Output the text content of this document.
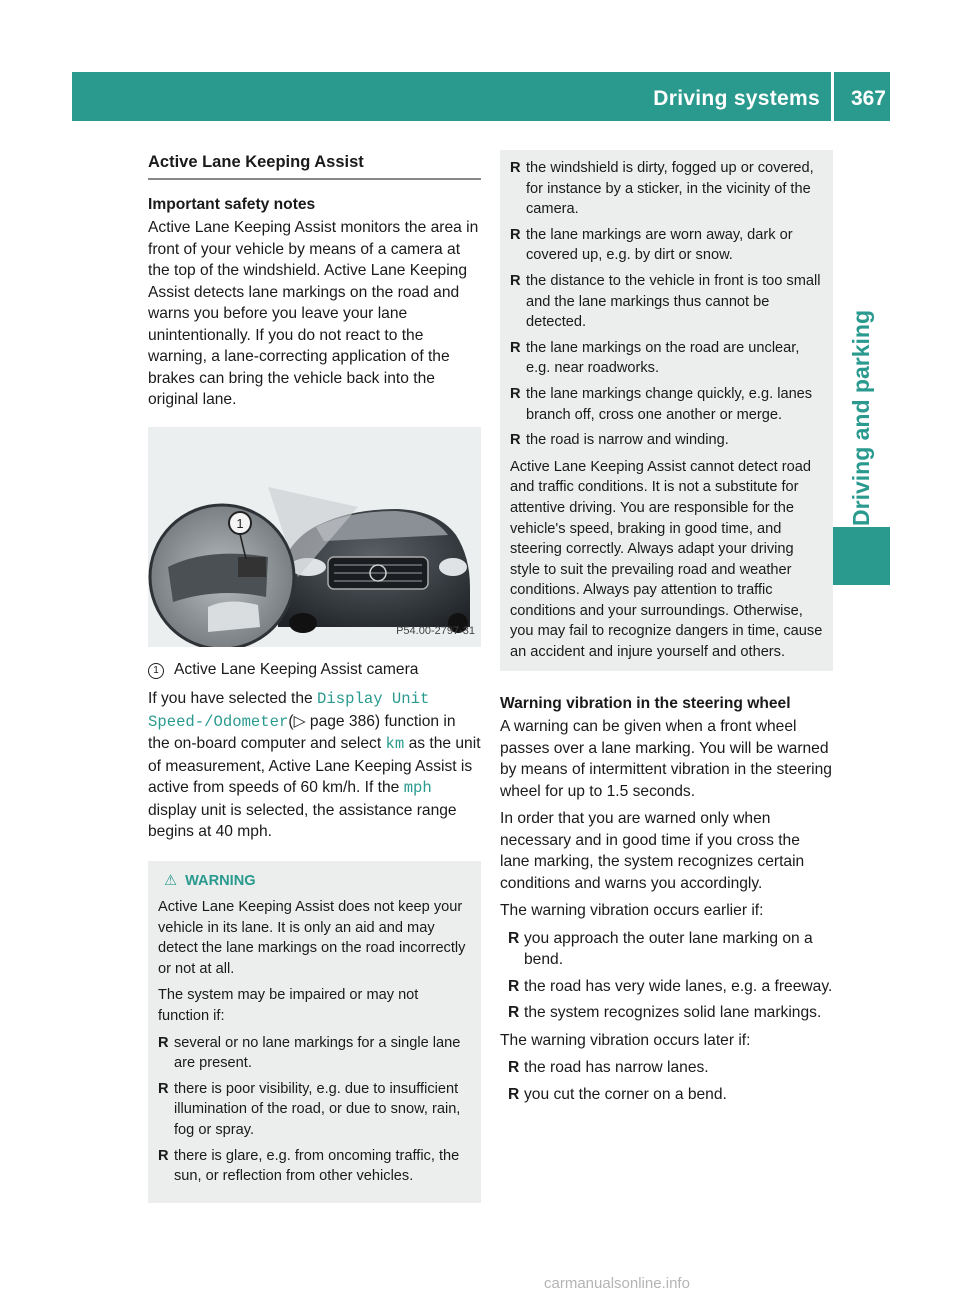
Driving systems 367
Driving and parking
Active Lane Keeping Assist
Important safety notes

Active Lane Keeping Assist monitors the area in front of your vehicle by means of a camera at the top of the windshield. Active Lane Keeping Assist detects lane markings on the road and warns you before you leave your lane unintentionally. If you do not react to the warning, a lane-correcting application of the brakes can bring the vehicle back into the original lane.

1
P54.00-2797-31
1 Active Lane Keeping Assist camera

If you have selected the Display Unit Speed-/Odometer(▷ page 386) function in the on-board computer and select km as the unit of measurement, Active Lane Keeping Assist is active from speeds of 60 km/h. If the mph display unit is selected, the assistance range begins at 40 mph.

⚠ WARNING

Active Lane Keeping Assist does not keep your vehicle in its lane. It is only an aid and may detect the lane markings on the road incorrectly or not at all.

The system may be impaired or may not function if:

R several or no lane markings for a single lane are present.
R there is poor visibility, e.g. due to insufficient illumination of the road, or due to snow, rain, fog or spray.
R there is glare, e.g. from oncoming traffic, the sun, or reflection from other vehicles.
R the windshield is dirty, fogged up or covered, for instance by a sticker, in the vicinity of the camera.
R the lane markings are worn away, dark or covered up, e.g. by dirt or snow.
R the distance to the vehicle in front is too small and the lane markings thus cannot be detected.
R the lane markings on the road are unclear, e.g. near roadworks.
R the lane markings change quickly, e.g. lanes branch off, cross one another or merge.
R the road is narrow and winding.

Active Lane Keeping Assist cannot detect road and traffic conditions. It is not a substitute for attentive driving. You are responsible for the vehicle's speed, braking in good time, and steering correctly. Always adapt your driving style to suit the prevailing road and weather conditions. Always pay attention to traffic conditions and your surroundings. Otherwise, you may fail to recognize dangers in time, cause an accident and injure yourself and others.

Warning vibration in the steering wheel

A warning can be given when a front wheel passes over a lane marking. You will be warned by means of intermittent vibration in the steering wheel for up to 1.5 seconds.

In order that you are warned only when necessary and in good time if you cross the lane marking, the system recognizes certain conditions and warns you accordingly.

The warning vibration occurs earlier if:

R you approach the outer lane marking on a bend.
R the road has very wide lanes, e.g. a freeway.
R the system recognizes solid lane markings.

The warning vibration occurs later if:

R the road has narrow lanes.
R you cut the corner on a bend.
carmanualsonline.info
